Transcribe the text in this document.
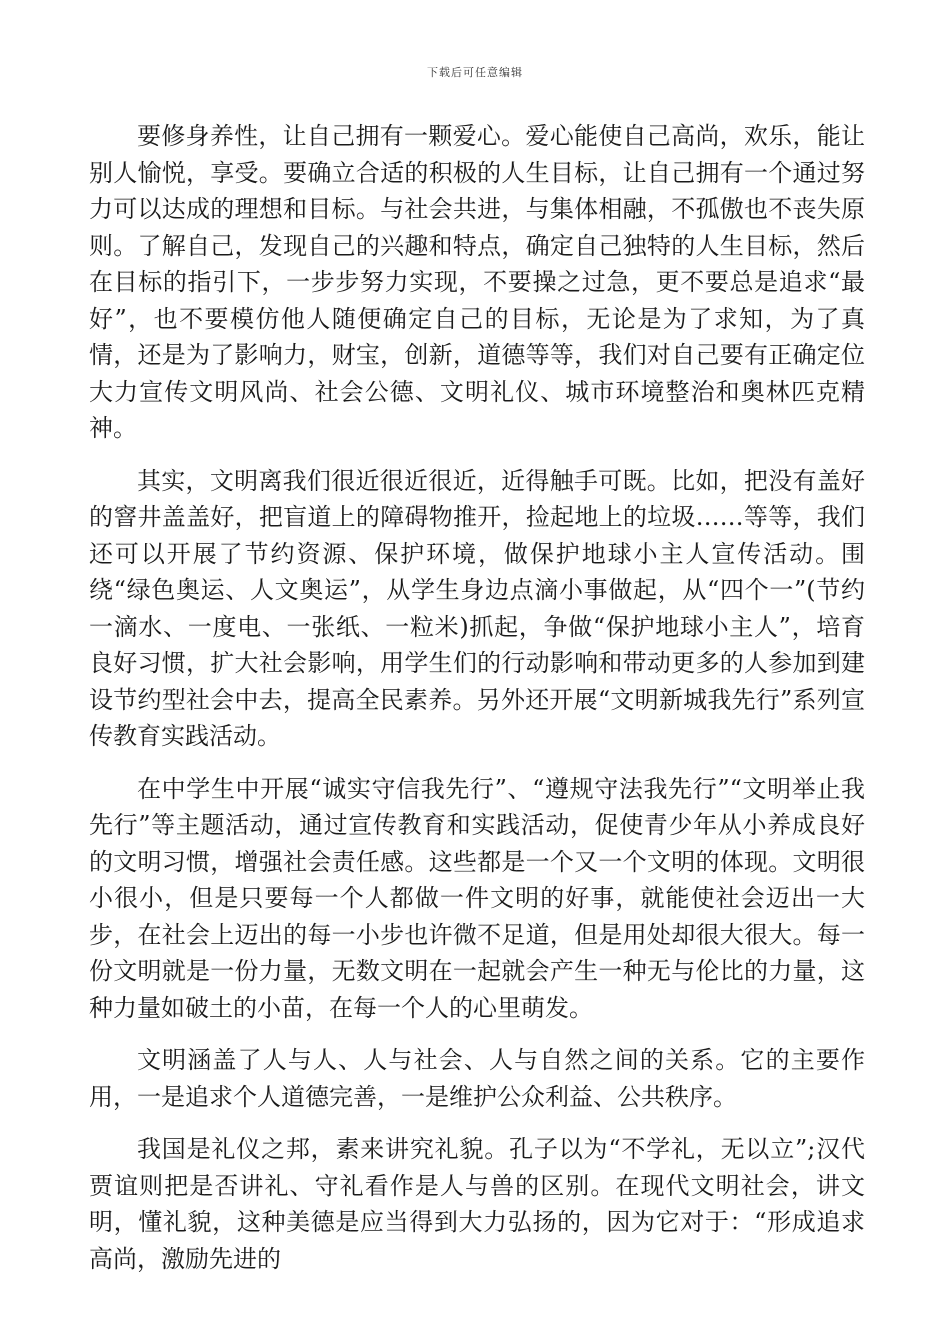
下载后可任意编辑

要修身养性，让自己拥有一颗爱心。爱心能使自己高尚，欢乐，能让别人愉悦，享受。要确立合适的积极的人生目标，让自己拥有一个通过努力可以达成的理想和目标。与社会共进，与集体相融，不孤傲也不丧失原则。了解自己，发现自己的兴趣和特点，确定自己独特的人生目标，然后在目标的指引下，一步步努力实现，不要操之过急，更不要总是追求“最好”，也不要模仿他人随便确定自己的目标，无论是为了求知，为了真情，还是为了影响力，财宝，创新，道德等等，我们对自己要有正确定位大力宣传文明风尚、社会公德、文明礼仪、城市环境整治和奥林匹克精神。

其实，文明离我们很近很近很近，近得触手可既。比如，把没有盖好的窨井盖盖好，把盲道上的障碍物推开，捡起地上的垃圾……等等，我们还可以开展了节约资源、保护环境，做保护地球小主人宣传活动。围绕“绿色奥运、人文奥运”，从学生身边点滴小事做起，从“四个一”(节约一滴水、一度电、一张纸、一粒米)抓起，争做“保护地球小主人”，培育良好习惯，扩大社会影响，用学生们的行动影响和带动更多的人参加到建设节约型社会中去，提高全民素养。另外还开展“文明新城我先行”系列宣传教育实践活动。

在中学生中开展“诚实守信我先行”、“遵规守法我先行”“文明举止我先行”等主题活动，通过宣传教育和实践活动，促使青少年从小养成良好的文明习惯，增强社会责任感。这些都是一个又一个文明的体现。文明很小很小，但是只要每一个人都做一件文明的好事，就能使社会迈出一大步，在社会上迈出的每一小步也许微不足道，但是用处却很大很大。每一份文明就是一份力量，无数文明在一起就会产生一种无与伦比的力量，这种力量如破土的小苗，在每一个人的心里萌发。

文明涵盖了人与人、人与社会、人与自然之间的关系。它的主要作用，一是追求个人道德完善，一是维护公众利益、公共秩序。

我国是礼仪之邦，素来讲究礼貌。孔子以为“不学礼，无以立”;汉代贾谊则把是否讲礼、守礼看作是人与兽的区别。在现代文明社会，讲文明，懂礼貌，这种美德是应当得到大力弘扬的，因为它对于：“形成追求高尚，激励先进的
